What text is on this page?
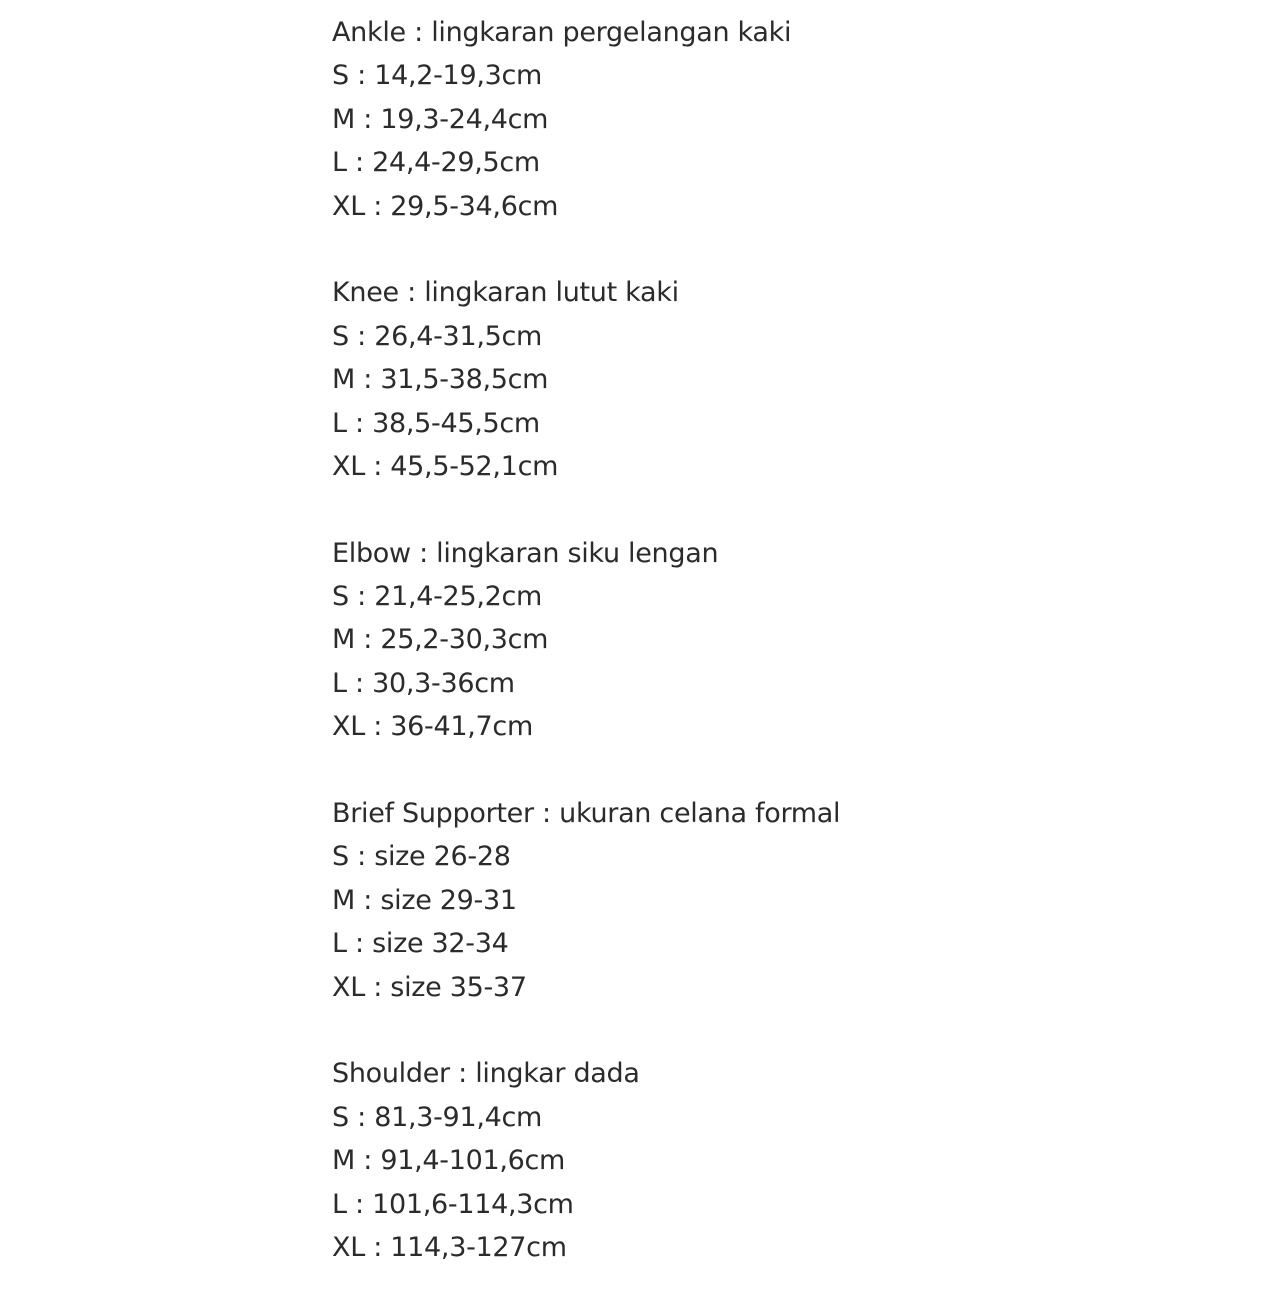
Ankle : lingkaran pergelangan kaki
S : 14,2-19,3cm
M : 19,3-24,4cm
L : 24,4-29,5cm
XL : 29,5-34,6cm
Knee : lingkaran lutut kaki
S : 26,4-31,5cm
M : 31,5-38,5cm
L : 38,5-45,5cm
XL : 45,5-52,1cm
Elbow : lingkaran siku lengan
S : 21,4-25,2cm
M : 25,2-30,3cm
L : 30,3-36cm
XL : 36-41,7cm
Brief Supporter : ukuran celana formal
S : size 26-28
M : size 29-31
L : size 32-34
XL : size 35-37
Shoulder : lingkar dada
S : 81,3-91,4cm
M : 91,4-101,6cm
L : 101,6-114,3cm
XL : 114,3-127cm
